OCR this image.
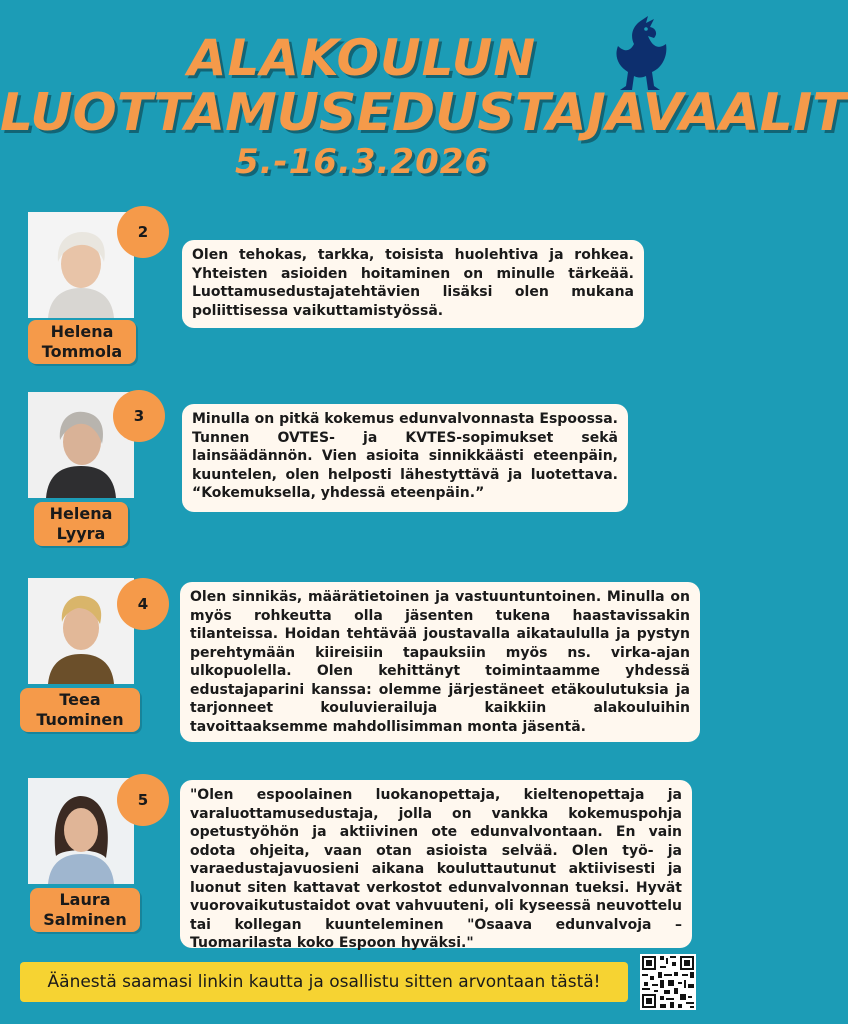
ALAKOULUN
LUOTTAMUSEDUSTAJAVAALIT
5.-16.3.2026
2
Helena
Tommola
Olen tehokas, tarkka, toisista huolehtiva ja rohkea. Yhteisten asioiden hoitaminen on minulle tärkeää. Luottamusedustajatehtävien lisäksi olen mukana poliittisessa vaikuttamistyössä.
3
Helena
Lyyra
Minulla on pitkä kokemus edunvalvonnasta Espoossa. Tunnen OVTES- ja KVTES-sopimukset sekä lainsäädännön. Vien asioita sinnikkäästi eteenpäin, kuuntelen, olen helposti lähestyttävä ja luotettava. “Kokemuksella, yhdessä eteenpäin.”
4
Teea
Tuominen
Olen sinnikäs, määrätietoinen ja vastuuntuntoinen. Minulla on myös rohkeutta olla jäsenten tukena haastavissakin tilanteissa. Hoidan tehtävää joustavalla aikataululla ja pystyn perehtymään kiireisiin tapauksiin myös ns. virka-ajan ulkopuolella. Olen kehittänyt toimintaamme yhdessä edustajaparini kanssa: olemme järjestäneet etäkoulutuksia ja tarjonneet kouluvierailuja kaikkiin alakouluihin tavoittaaksemme mahdollisimman monta jäsentä.
5
Laura
Salminen
"Olen espoolainen luokanopettaja, kieltenopettaja ja varaluottamusedustaja, jolla on vankka kokemuspohja opetustyöhön ja aktiivinen ote edunvalvontaan. En vain odota ohjeita, vaan otan asioista selvää. Olen työ- ja varaedustajavuosieni aikana kouluttautunut aktiivisesti ja luonut siten kattavat verkostot edunvalvonnan tueksi. Hyvät vuorovaikutustaidot ovat vahvuuteni, oli kyseessä neuvottelu tai kollegan kuunteleminen "Osaava edunvalvoja – Tuomarilasta koko Espoon hyväksi."
Äänestä saamasi linkin kautta ja osallistu sitten arvontaan tästä!
